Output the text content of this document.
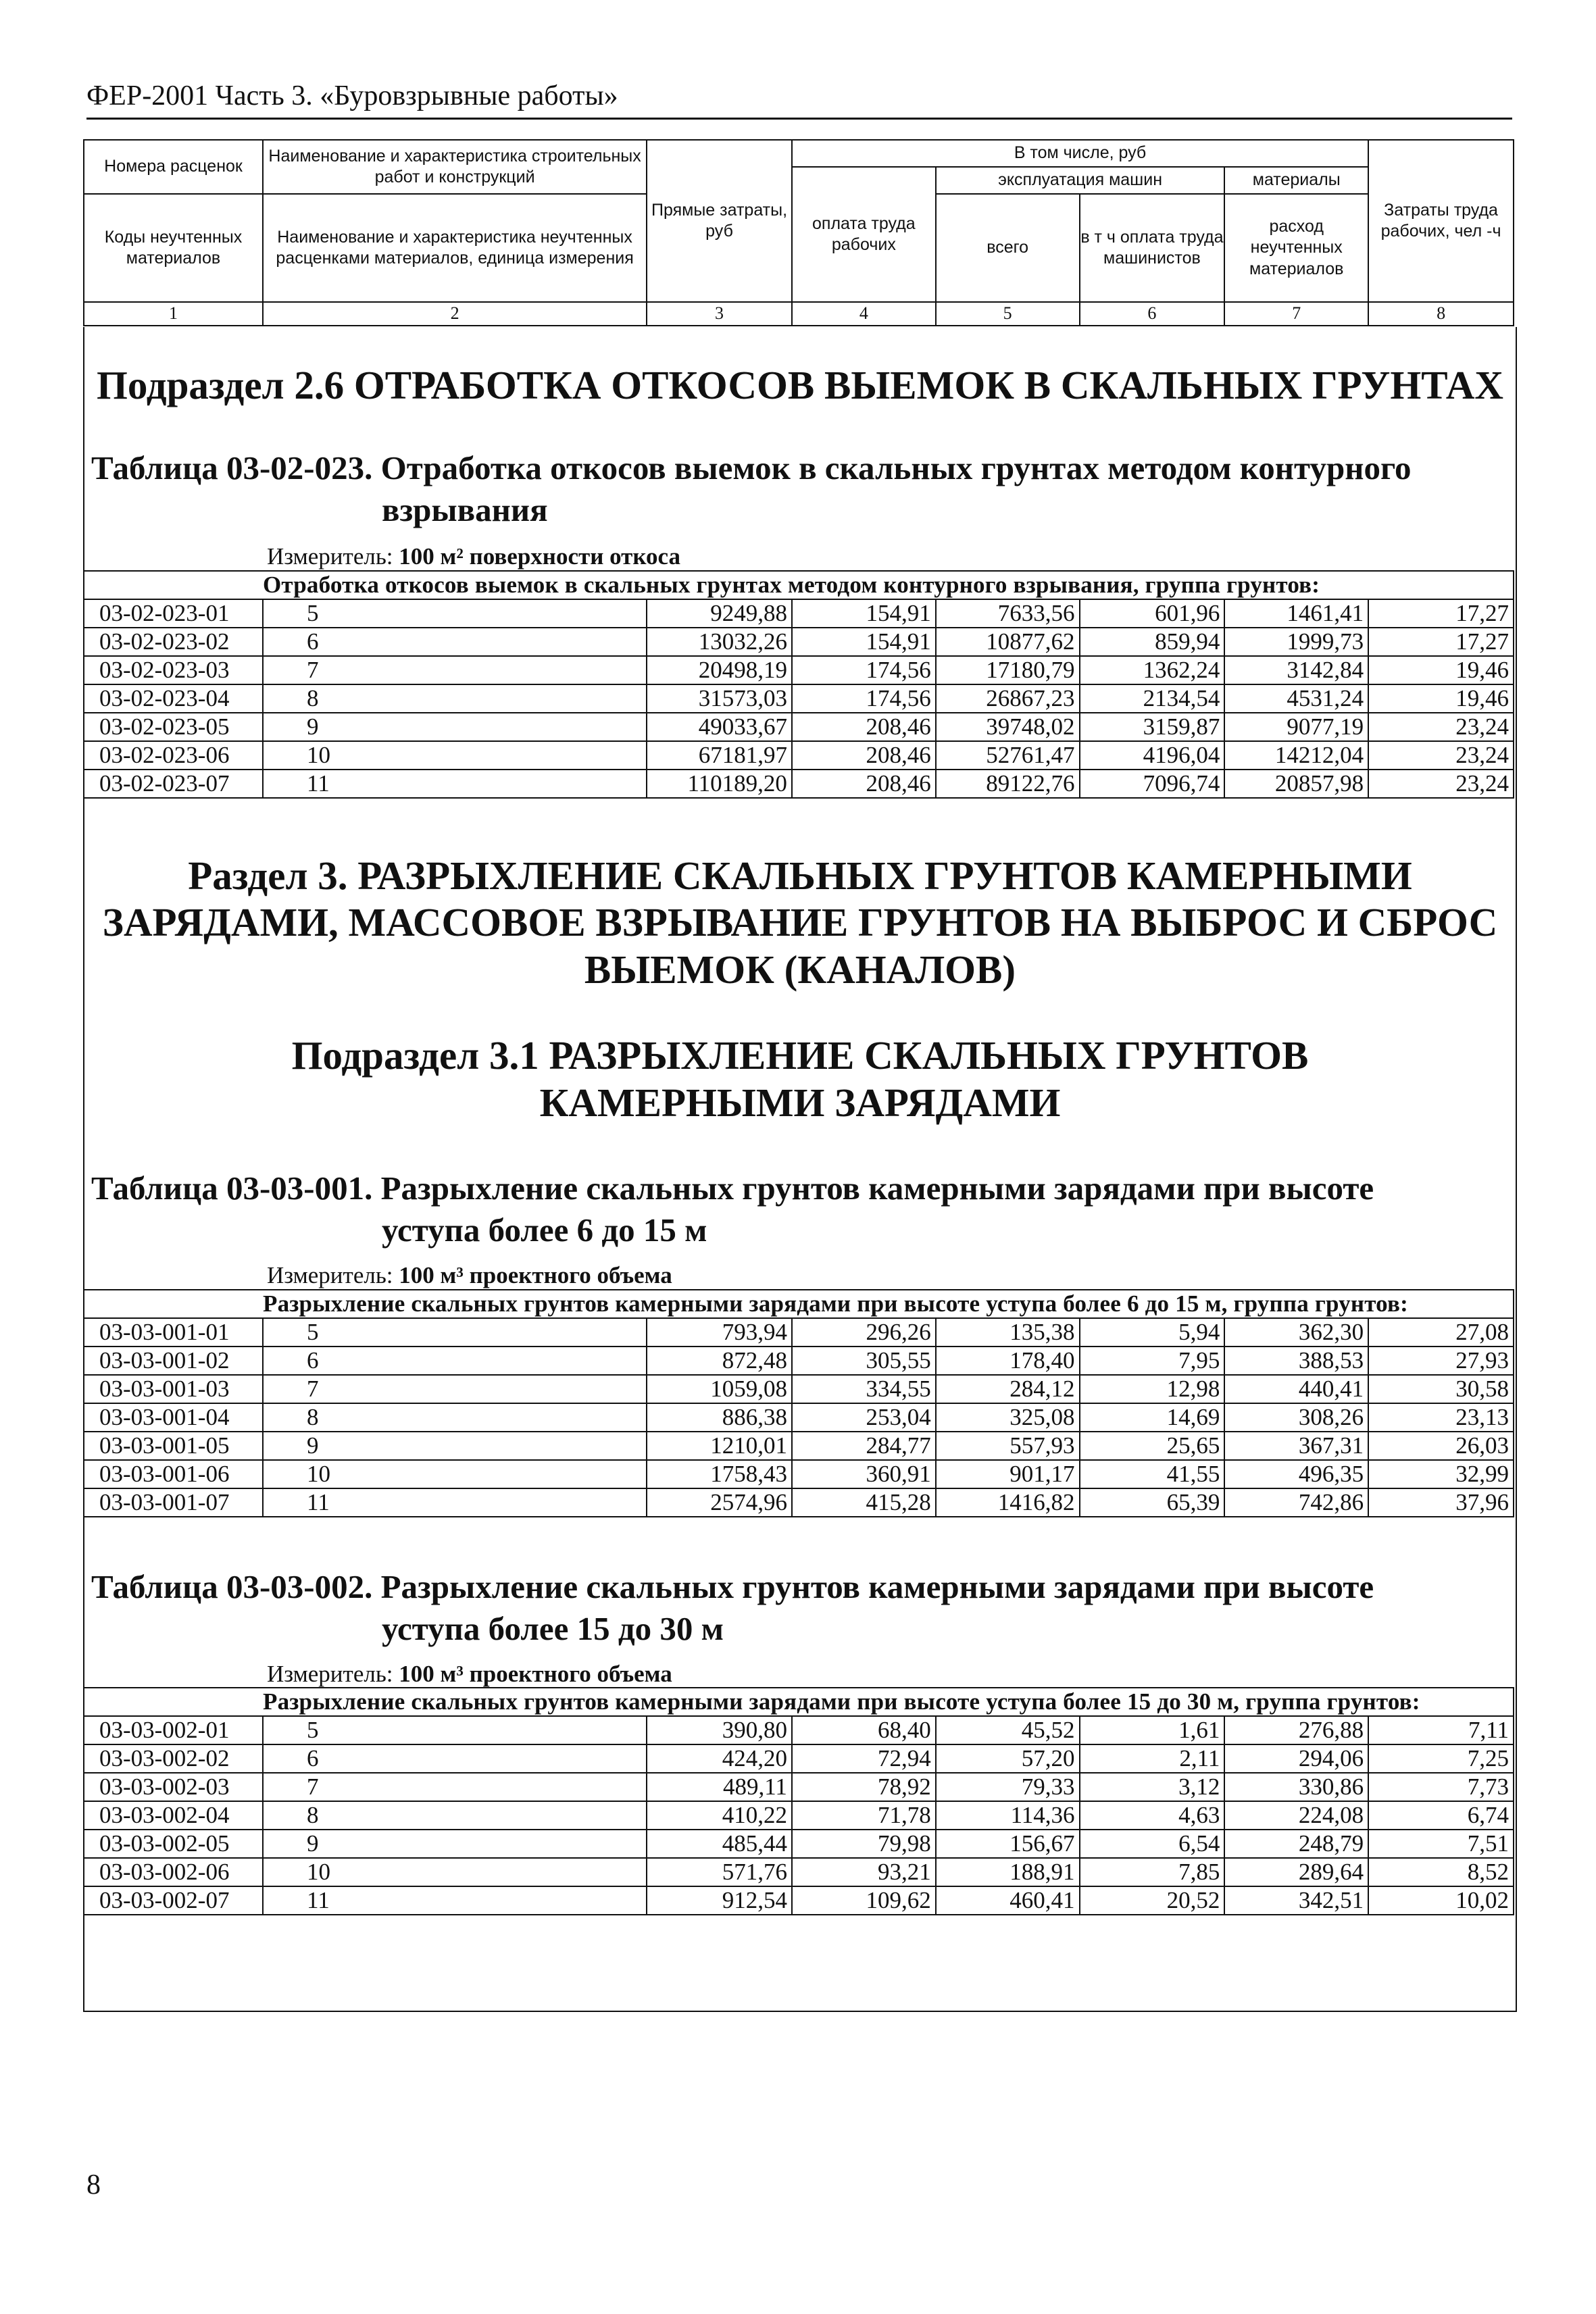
ФЕР-2001 Часть 3. «Буровзрывные работы»
Номера расценок	Наименование и характеристика строительных работ и конструкций	Прямые затраты, руб	В том числе, руб				Затраты труда рабочих, чел -ч
			оплата труда рабочих	эксплуатация машин		материалы	
Коды неучтенных материалов	Наименование и характеристика неучтенных расценками материалов, единица измерения			всего	в т ч оплата труда машинистов	расход неучтенных материалов	

1	2	3	4	5	6	7	8
Подраздел 2.6 ОТРАБОТКА ОТКОСОВ ВЫЕМОК В СКАЛЬНЫХ ГРУНТАХ
Таблица 03-02-023. Отработка откосов выемок в скальных грунтах методом контурного
взрывания
Измеритель: 100 м² поверхности откоса
Отработка откосов выемок в скальных грунтах методом контурного взрывания, группа грунтов:							
03-02-023-01	5	9249,88	154,91	7633,56	601,96	1461,41	17,27
03-02-023-02	6	13032,26	154,91	10877,62	859,94	1999,73	17,27
03-02-023-03	7	20498,19	174,56	17180,79	1362,24	3142,84	19,46
03-02-023-04	8	31573,03	174,56	26867,23	2134,54	4531,24	19,46
03-02-023-05	9	49033,67	208,46	39748,02	3159,87	9077,19	23,24
03-02-023-06	10	67181,97	208,46	52761,47	4196,04	14212,04	23,24
03-02-023-07	11	110189,20	208,46	89122,76	7096,74	20857,98	23,24
Раздел 3. РАЗРЫХЛЕНИЕ СКАЛЬНЫХ ГРУНТОВ КАМЕРНЫМИ ЗАРЯДАМИ, МАССОВОЕ ВЗРЫВАНИЕ ГРУНТОВ НА ВЫБРОС И СБРОС ВЫЕМОК (КАНАЛОВ)
Подраздел 3.1 РАЗРЫХЛЕНИЕ СКАЛЬНЫХ ГРУНТОВ КАМЕРНЫМИ ЗАРЯДАМИ
Таблица 03-03-001. Разрыхление скальных грунтов камерными зарядами при высоте
уступа более 6 до 15 м
Измеритель: 100 м³ проектного объема
Разрыхление скальных грунтов камерными зарядами при высоте уступа более 6 до 15 м, группа грунтов:							
03-03-001-01	5	793,94	296,26	135,38	5,94	362,30	27,08
03-03-001-02	6	872,48	305,55	178,40	7,95	388,53	27,93
03-03-001-03	7	1059,08	334,55	284,12	12,98	440,41	30,58
03-03-001-04	8	886,38	253,04	325,08	14,69	308,26	23,13
03-03-001-05	9	1210,01	284,77	557,93	25,65	367,31	26,03
03-03-001-06	10	1758,43	360,91	901,17	41,55	496,35	32,99
03-03-001-07	11	2574,96	415,28	1416,82	65,39	742,86	37,96
Таблица 03-03-002. Разрыхление скальных грунтов камерными зарядами при высоте
уступа более 15 до 30 м
Измеритель: 100 м³ проектного объема
Разрыхление скальных грунтов камерными зарядами при высоте уступа более 15 до 30 м, группа грунтов:							
03-03-002-01	5	390,80	68,40	45,52	1,61	276,88	7,11
03-03-002-02	6	424,20	72,94	57,20	2,11	294,06	7,25
03-03-002-03	7	489,11	78,92	79,33	3,12	330,86	7,73
03-03-002-04	8	410,22	71,78	114,36	4,63	224,08	6,74
03-03-002-05	9	485,44	79,98	156,67	6,54	248,79	7,51
03-03-002-06	10	571,76	93,21	188,91	7,85	289,64	8,52
03-03-002-07	11	912,54	109,62	460,41	20,52	342,51	10,02
8
